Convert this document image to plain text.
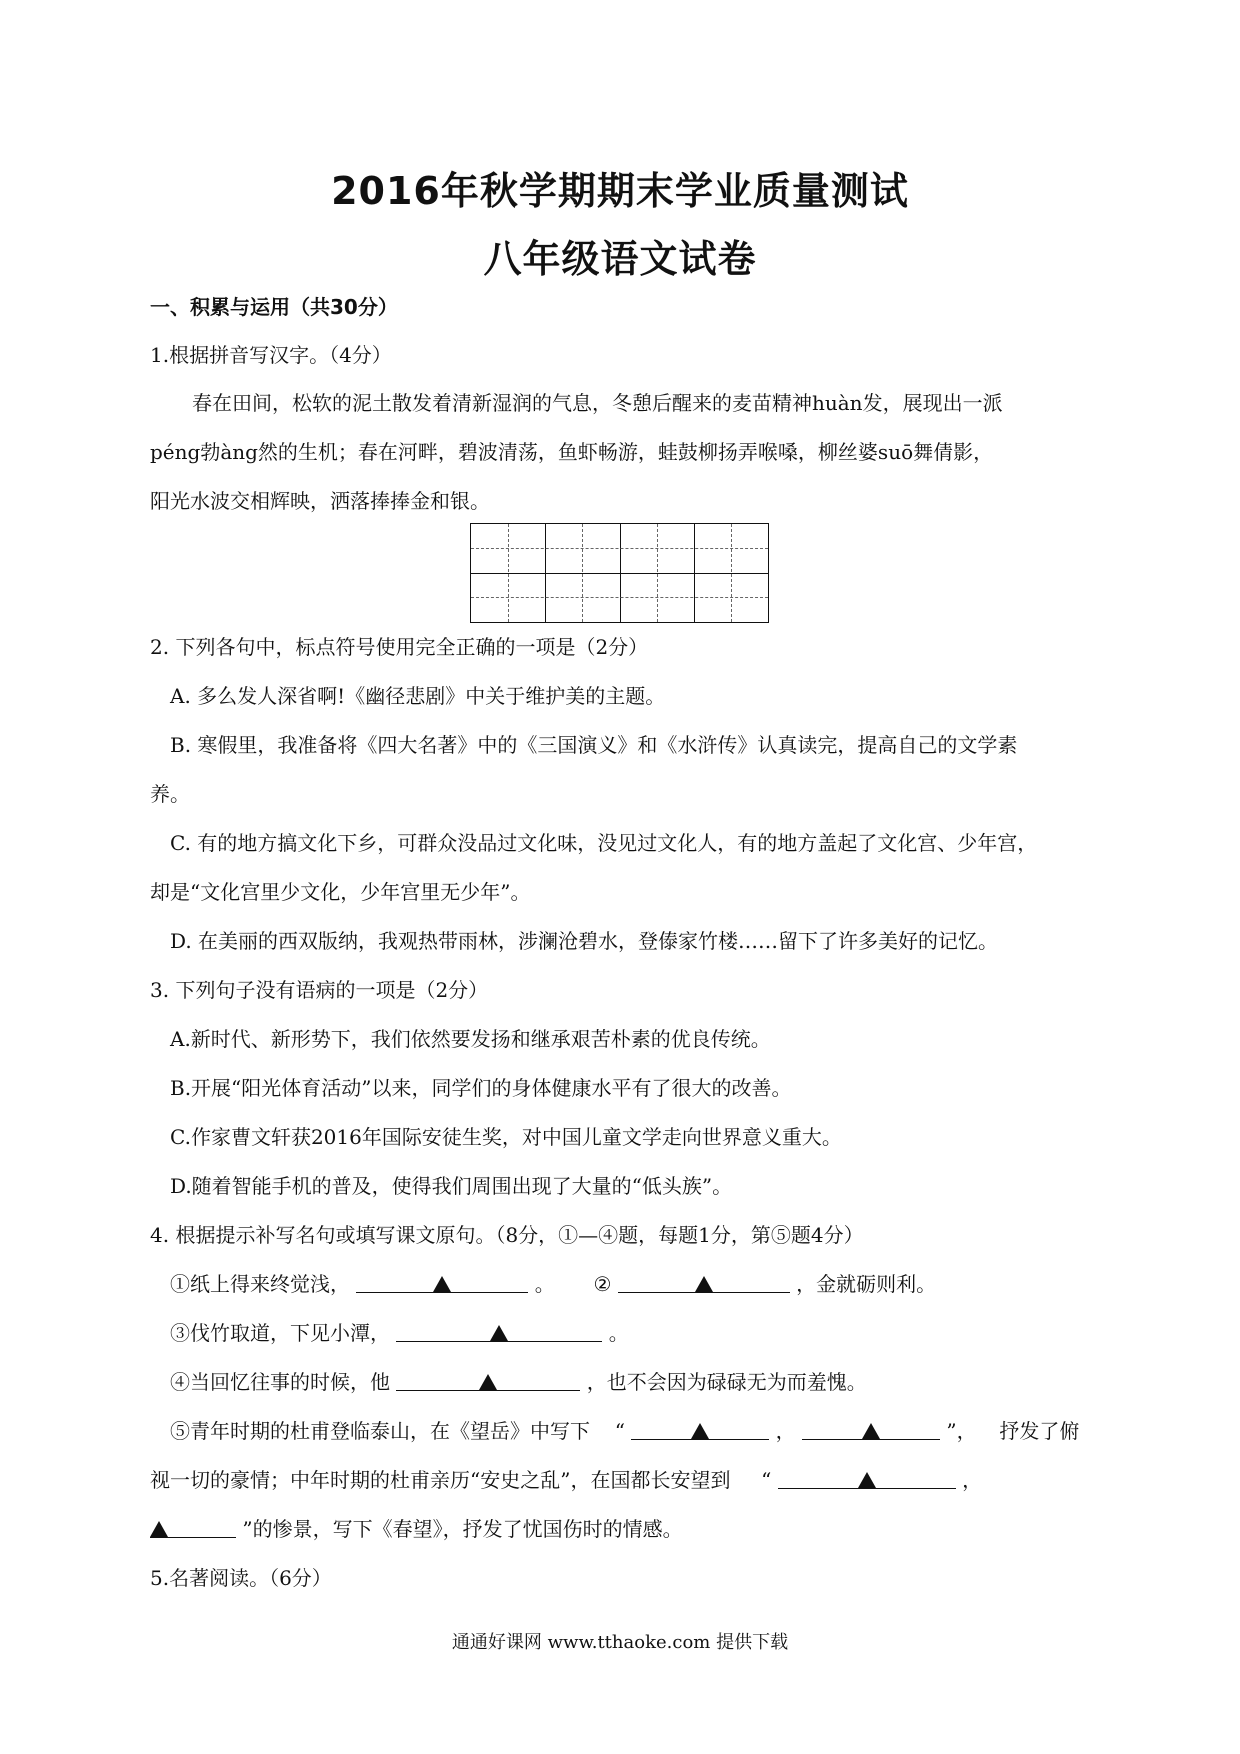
2016年秋学期期末学业质量测试
八年级语文试卷
一、积累与运用（共30分）
1.根据拼音写汉字。（4分）
春在田间，松软的泥土散发着清新湿润的气息，冬憩后醒来的麦苗精神huàn发，展现出一派
péng勃àng然的生机；春在河畔，碧波清荡，鱼虾畅游，蛙鼓柳扬弄喉嗓，柳丝婆suō舞倩影，
阳光水波交相辉映，洒落捧捧金和银。
2. 下列各句中，标点符号使用完全正确的一项是（2分）
A. 多么发人深省啊!《幽径悲剧》中关于维护美的主题。
B. 寒假里，我准备将《四大名著》中的《三国演义》和《水浒传》认真读完，提高自己的文学素
养。
C. 有的地方搞文化下乡，可群众没品过文化味，没见过文化人，有的地方盖起了文化宫、少年宫，
却是“文化宫里少文化，少年宫里无少年”。
D. 在美丽的西双版纳，我观热带雨林，涉澜沧碧水，登傣家竹楼……留下了许多美好的记忆。
3. 下列句子没有语病的一项是（2分）
A.新时代、新形势下，我们依然要发扬和继承艰苦朴素的优良传统。
B.开展“阳光体育活动”以来，同学们的身体健康水平有了很大的改善。
C.作家曹文轩获2016年国际安徒生奖，对中国儿童文学走向世界意义重大。
D.随着智能手机的普及，使得我们周围出现了大量的“低头族”。
4. 根据提示补写名句或填写课文原句。（8分，①—④题，每题1分，第⑤题4分）
①纸上得来终觉浅，	。 ②	，金就砺则利。
③伐竹取道，下见小潭，	。
④当回忆往事的时候，他	，也不会因为碌碌无为而羞愧。
⑤青年时期的杜甫登临泰山，在《望岳》中写下 “	，	”， 抒发了俯
视一切的豪情；中年时期的杜甫亲历“安史之乱”，在国都长安望到 “	，
”的惨景，写下《春望》，抒发了忧国伤时的情感。
5.名著阅读。（6分）
通通好课网 www.tthaoke.com 提供下载
